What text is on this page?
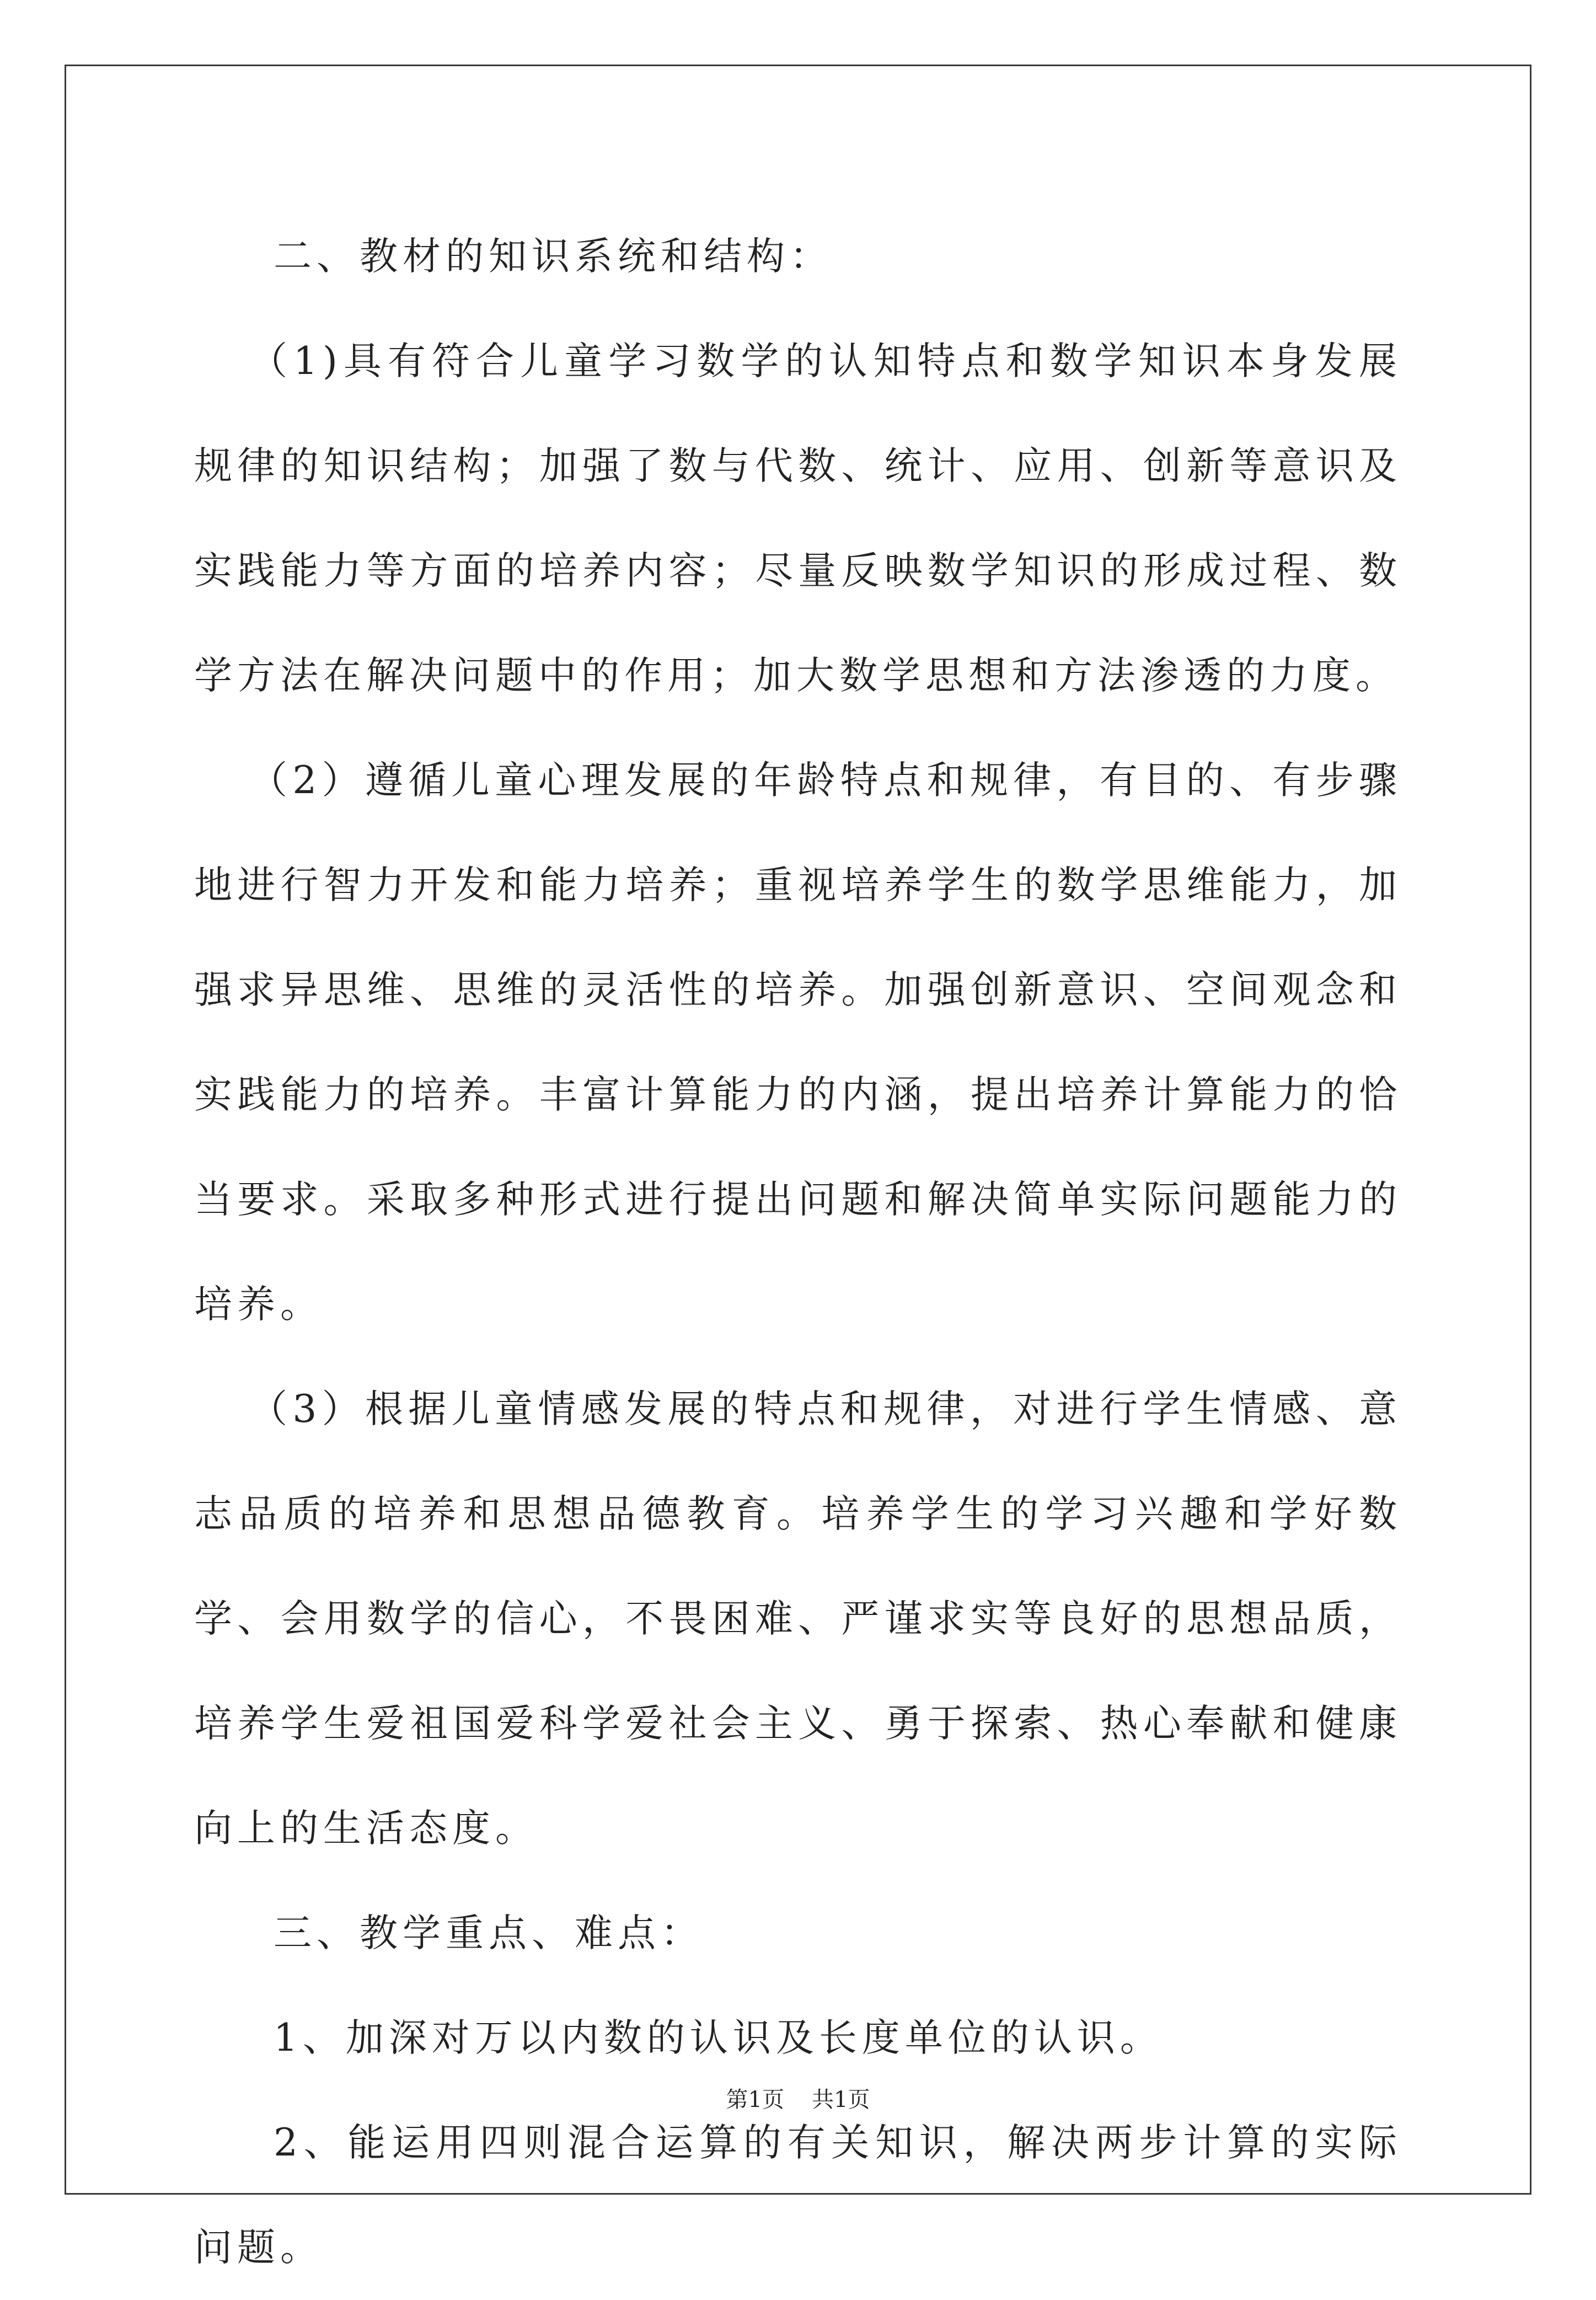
二、教材的知识系统和结构：

（1)具有符合儿童学习数学的认知特点和数学知识本身发展规律的知识结构；加强了数与代数、统计、应用、创新等意识及实践能力等方面的培养内容；尽量反映数学知识的形成过程、数学方法在解决问题中的作用；加大数学思想和方法渗透的力度。

（2）遵循儿童心理发展的年龄特点和规律，有目的、有步骤地进行智力开发和能力培养；重视培养学生的数学思维能力，加强求异思维、思维的灵活性的培养。加强创新意识、空间观念和实践能力的培养。丰富计算能力的内涵，提出培养计算能力的恰当要求。采取多种形式进行提出问题和解决简单实际问题能力的培养。

（3）根据儿童情感发展的特点和规律，对进行学生情感、意志品质的培养和思想品德教育。培养学生的学习兴趣和学好数学、会用数学的信心，不畏困难、严谨求实等良好的思想品质，培养学生爱祖国爱科学爱社会主义、勇于探索、热心奉献和健康向上的生活态度。

三、教学重点、难点：

1、加深对万以内数的认识及长度单位的认识。

2、能运用四则混合运算的有关知识，解决两步计算的实际问题。

第1页 共1页
